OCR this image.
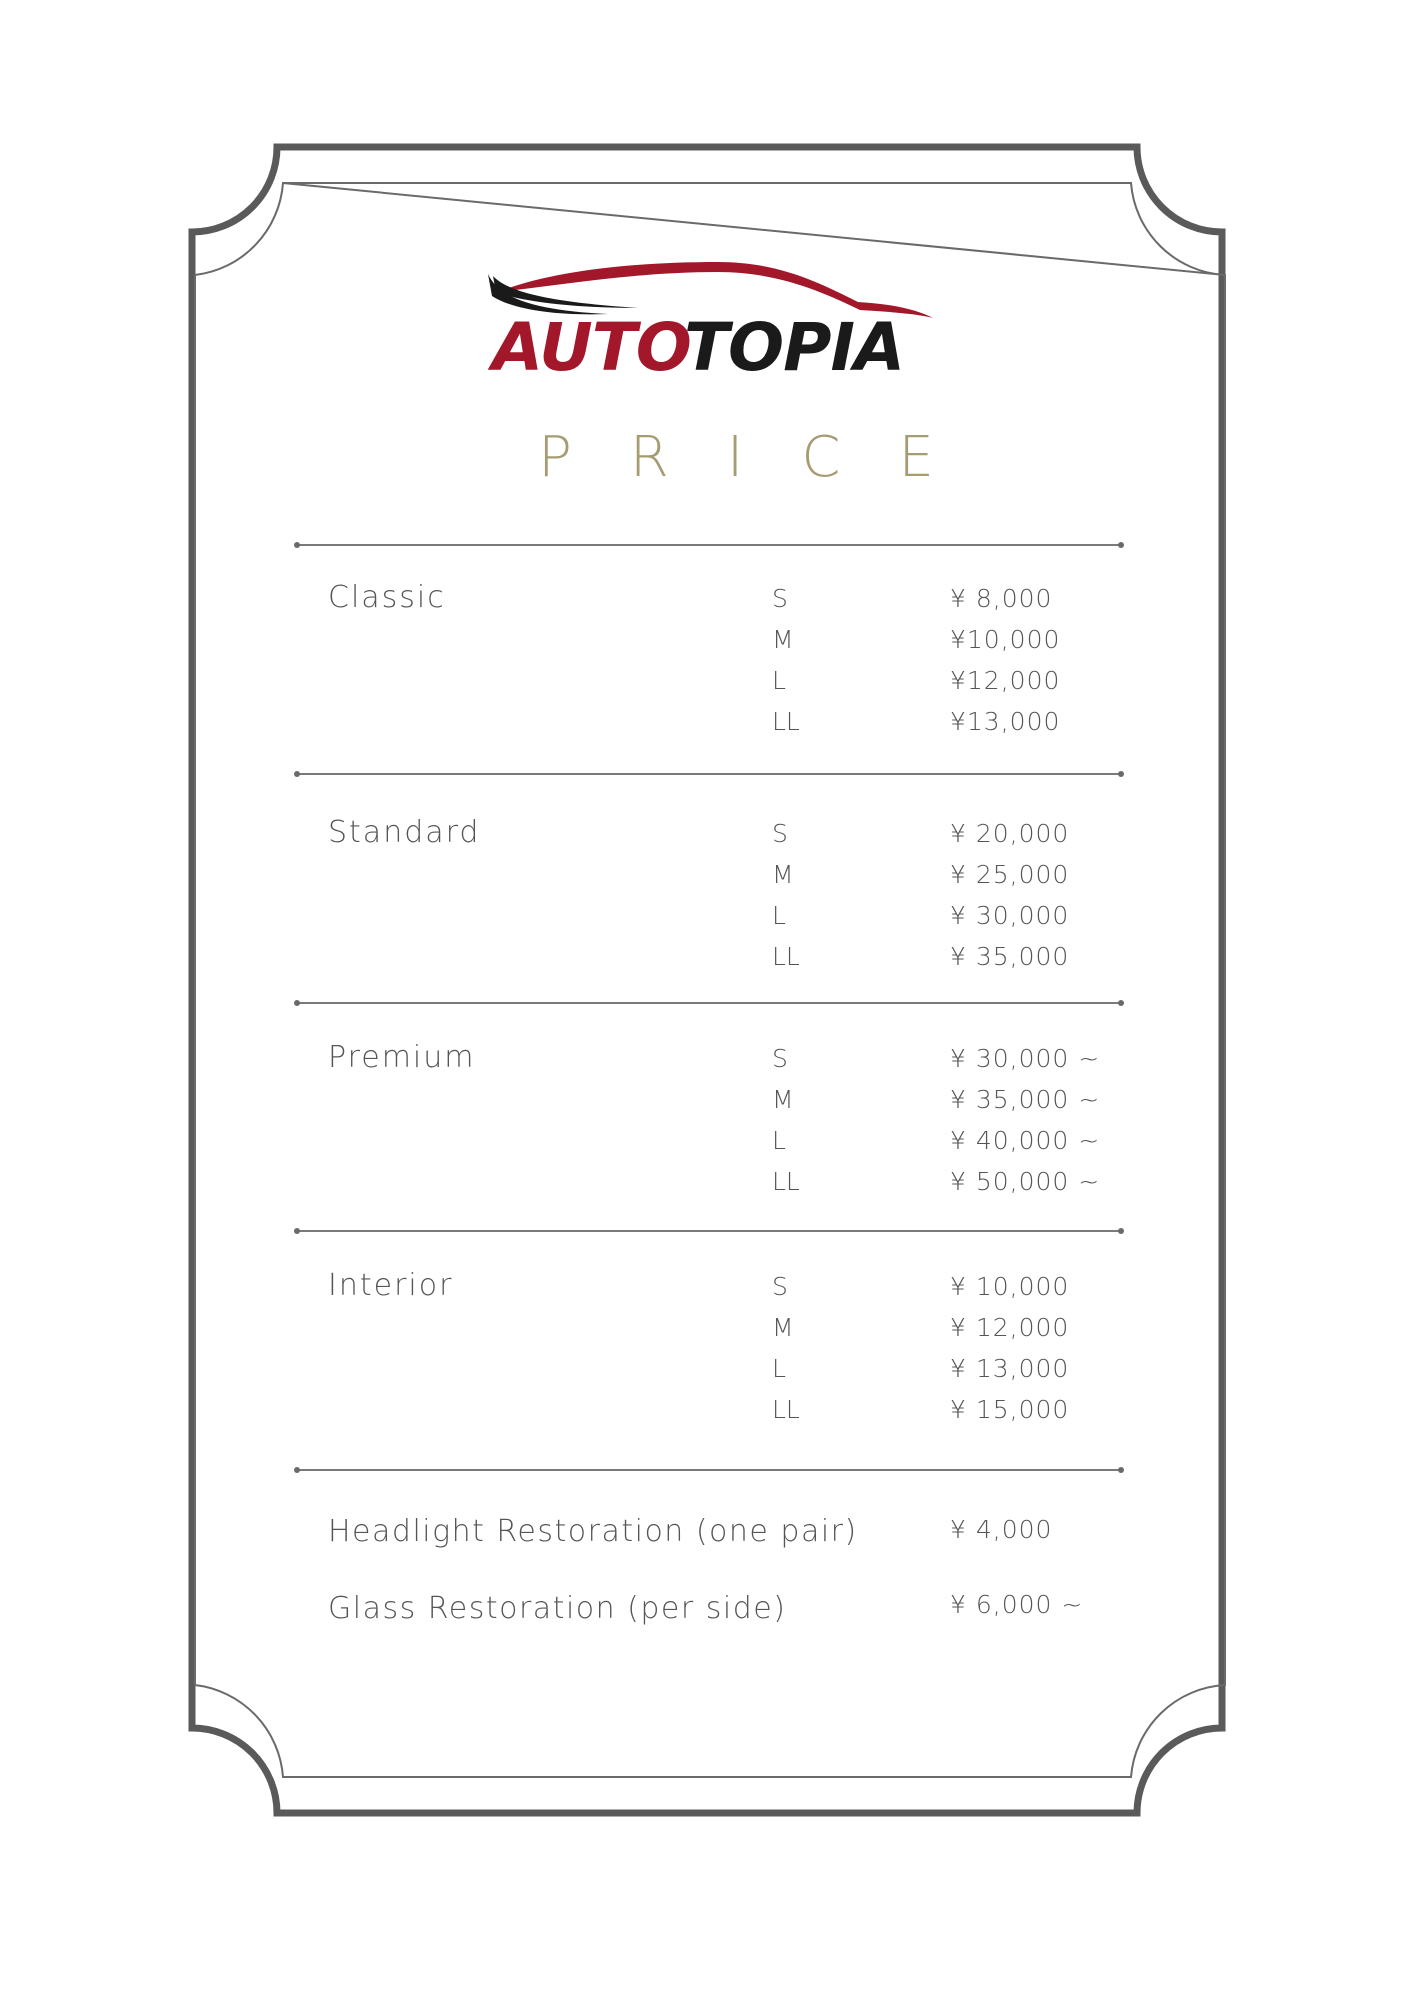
AUTO
TOPIA
PRICE
Classic	S	¥ 8,000
M	¥10,000
L	¥12,000
LL	¥13,000
Standard	S	¥ 20,000
M	¥ 25,000
L	¥ 30,000
LL	¥ 35,000
Premium	S	¥ 30,000 ~
M	¥ 35,000 ~
L	¥ 40,000 ~
LL	¥ 50,000 ~
Interior	S	¥ 10,000
M	¥ 12,000
L	¥ 13,000
LL	¥ 15,000
Headlight Restoration (one pair)	¥ 4,000
Glass Restoration (per side)	¥ 6,000 ~
